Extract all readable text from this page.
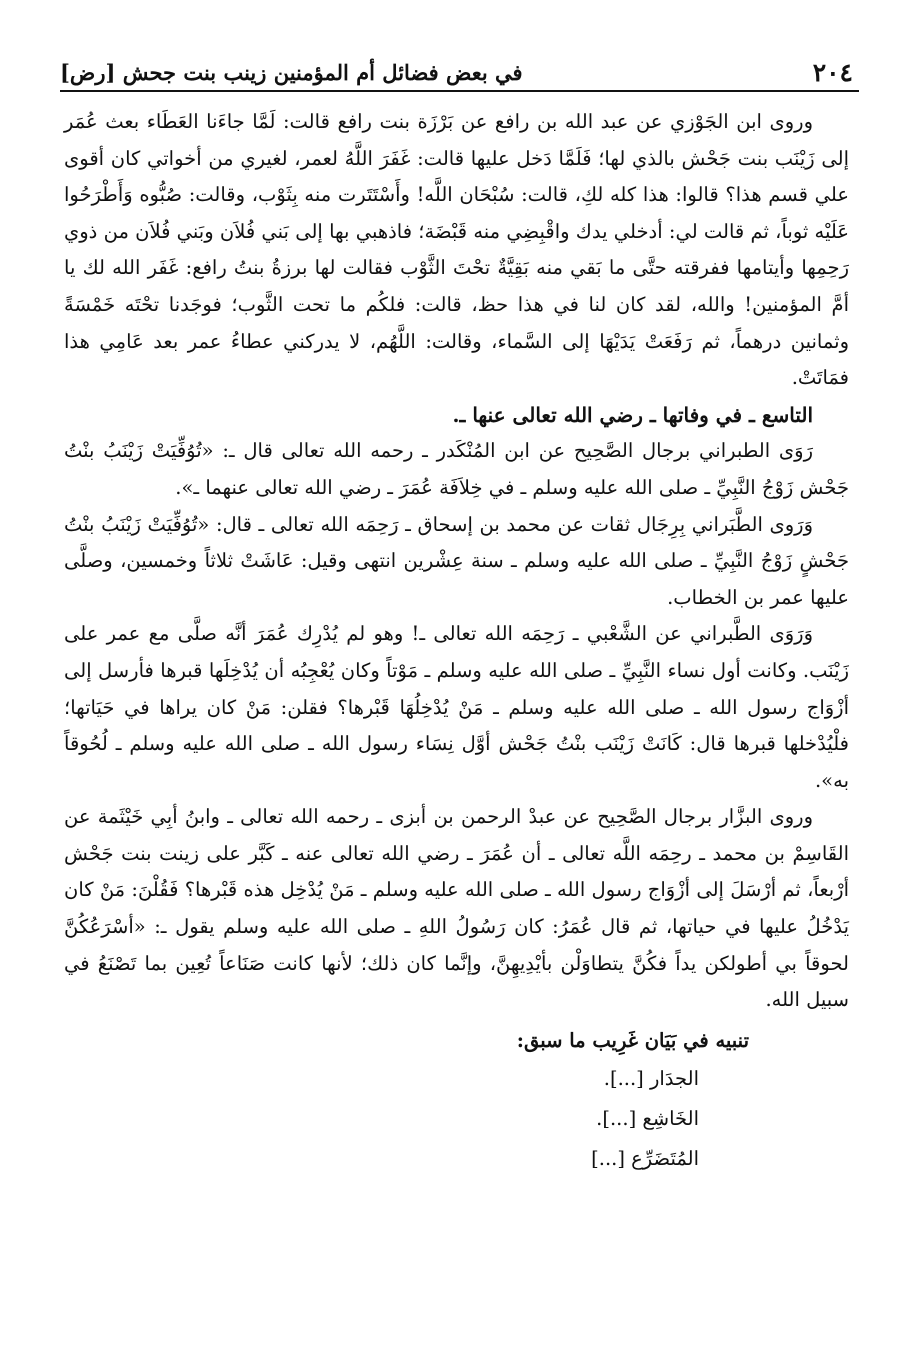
٢٠٤
في بعض فضائل أم المؤمنين زينب بنت جحش [رض]

وروى ابن الجَوْزي عن عبد الله بن رافع عن بَرْزَة بنت رافع قالت: لَمَّا جاءَنا العَطَاء بعث عُمَر إلى زَيْنَب بنت جَحْش بالذي لها؛ فَلَمَّا دَخل عليها قالت: غَفَرَ اللَّهُ لعمر، لغيري من أخواتي كان أقوى علي قسم هذا؟ قالوا: هذا كله لكِ، قالت: سُبْحَان اللَّه! وأَسْتَتَرت منه بِثَوْب، وقالت: صُبُّوه وَأَطْرَحُوا عَلَيْه ثوباً، ثم قالت لي: أدخلي يدك واقْبِضِي منه قَبْضَة؛ فاذهبي بها إلى بَني فُلاَن وبَني فُلاَن من ذوي رَحِمِها وأيتامها ففرقته حتَّى ما بَقي منه بَقِيَّةٌ تحْتَ الثَّوْب فقالت لها برزةُ بنتُ رافع: غَفَر الله لك يا أمَّ المؤمنين! والله، لقد كان لنا في هذا حظ، قالت: فلكُم ما تحت الثَّوب؛ فوجَدنا تحْتَه خَمْسَةً وثمانين درهماً، ثم رَفَعَتْ يَدَيْهَا إلى السَّماء، وقالت: اللَّهُم، لا يدركني عطاءُ عمر بعد عَامِي هذا فمَاتَتْ.

التاسع ـ في وفاتها ـ رضي الله تعالى عنها ـ.

رَوَى الطبراني برجال الصَّحِيح عن ابن المُنْكَدر ـ رحمه الله تعالى قال ـ: «تُوُفِّيَتْ زَيْنَبُ بنْتُ جَحْش زَوْجُ النَّبِيِّ ـ صلى الله عليه وسلم ـ في خِلاَفَة عُمَرَ ـ رضي الله تعالى عنهما ـ».

وَرَوى الطَّبَراني بِرِجَال ثقات عن محمد بن إسحاق ـ رَحِمَه الله تعالى ـ قال: «تُوُفِّيَتْ زَيْنَبُ بنْتُ جَحْشٍ زَوْجُ النَّبِيِّ ـ صلى الله عليه وسلم ـ سنة عِشْرين انتهى وقيل: عَاشَتْ ثلاثاً وخمسين، وصلَّى عليها عمر بن الخطاب.

وَرَوَى الطَّبراني عن الشَّعْبي ـ رَحِمَه الله تعالى ـ! وهو لم يُدْرِك عُمَرَ أنَّه صلَّى مع عمر على زَيْنَب. وكانت أول نساء النَّبِيِّ ـ صلى الله عليه وسلم ـ مَوْتاً وكان يُعْجِبُه أن يُدْخِلَها قبرها فأرسل إلى أزْوَاج رسول الله ـ صلى الله عليه وسلم ـ مَنْ يُدْخِلُهَا قَبْرها؟ فقلن: مَنْ كان يراها في حَيَاتها؛ فلْيُدْخلها قبرها قال: كَانَتْ زَيْنَب بنْتُ جَحْش أوَّل نِسَاء رسول الله ـ صلى الله عليه وسلم ـ لُحُوقاً به».

وروى البزَّار برجال الصَّحِيح عن عبدْ الرحمن بن أبزى ـ رحمه الله تعالى ـ وابنُ أبِي خَيْثَمة عن القَاسِمْ بن محمد ـ رحِمَه اللَّه تعالى ـ أن عُمَرَ ـ رضي الله تعالى عنه ـ كَبَّر على زينت بنت جَحْش أرْبعاً، ثم أرْسَلَ إلى أزْوَاج رسول الله ـ صلى الله عليه وسلم ـ مَنْ يُدْخِل هذه قَبْرها؟ فَقُلْنَ: مَنْ كان يَدْخُلُ عليها في حياتها، ثم قال عُمَرُ: كان رَسُولُ اللهِ ـ صلى الله عليه وسلم يقول ـ: «أسْرَعُكُنَّ لحوقاً بي أطولكن يداً فكُنَّ يتطاوَلْن بأيْدِيهِنَّ، وإنَّما كان ذلك؛ لأنها كانت صَنَاعاً تُعِين بما تَصْنَعُ في سبيل الله.

تنبيه في بَيَان غَرِيب ما سبق:

الجدَار [...].

الخَاشِع [...].

المُتَضَرِّع [...]
